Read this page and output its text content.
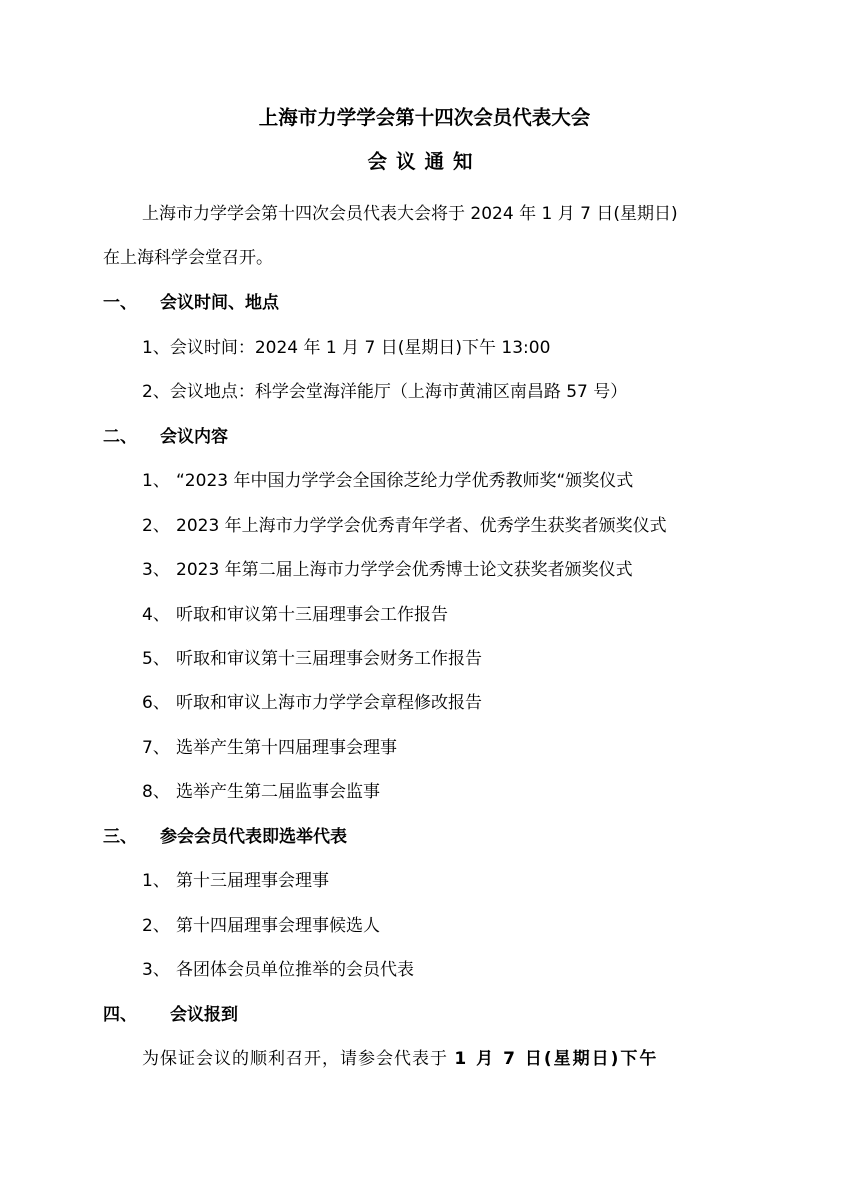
上海市力学学会第十四次会员代表大会
会议通知
上海市力学学会第十四次会员代表大会将于 2024 年 1 月 7 日(星期日)
在上海科学会堂召开。
一、 会议时间、地点
1、会议时间：2024 年 1 月 7 日(星期日)下午 13:00
2、会议地点：科学会堂海洋能厅（上海市黄浦区南昌路 57 号）
二、 会议内容
1、 “2023 年中国力学学会全国徐芝纶力学优秀教师奖“颁奖仪式
2、 2023 年上海市力学学会优秀青年学者、优秀学生获奖者颁奖仪式
3、 2023 年第二届上海市力学学会优秀博士论文获奖者颁奖仪式
4、 听取和审议第十三届理事会工作报告
5、 听取和审议第十三届理事会财务工作报告
6、 听取和审议上海市力学学会章程修改报告
7、 选举产生第十四届理事会理事
8、 选举产生第二届监事会监事
三、 参会会员代表即选举代表
1、 第十三届理事会理事
2、 第十四届理事会理事候选人
3、 各团体会员单位推举的会员代表
四、 会议报到
为保证会议的顺利召开，请参会代表于 1 月 7 日(星期日)下午
